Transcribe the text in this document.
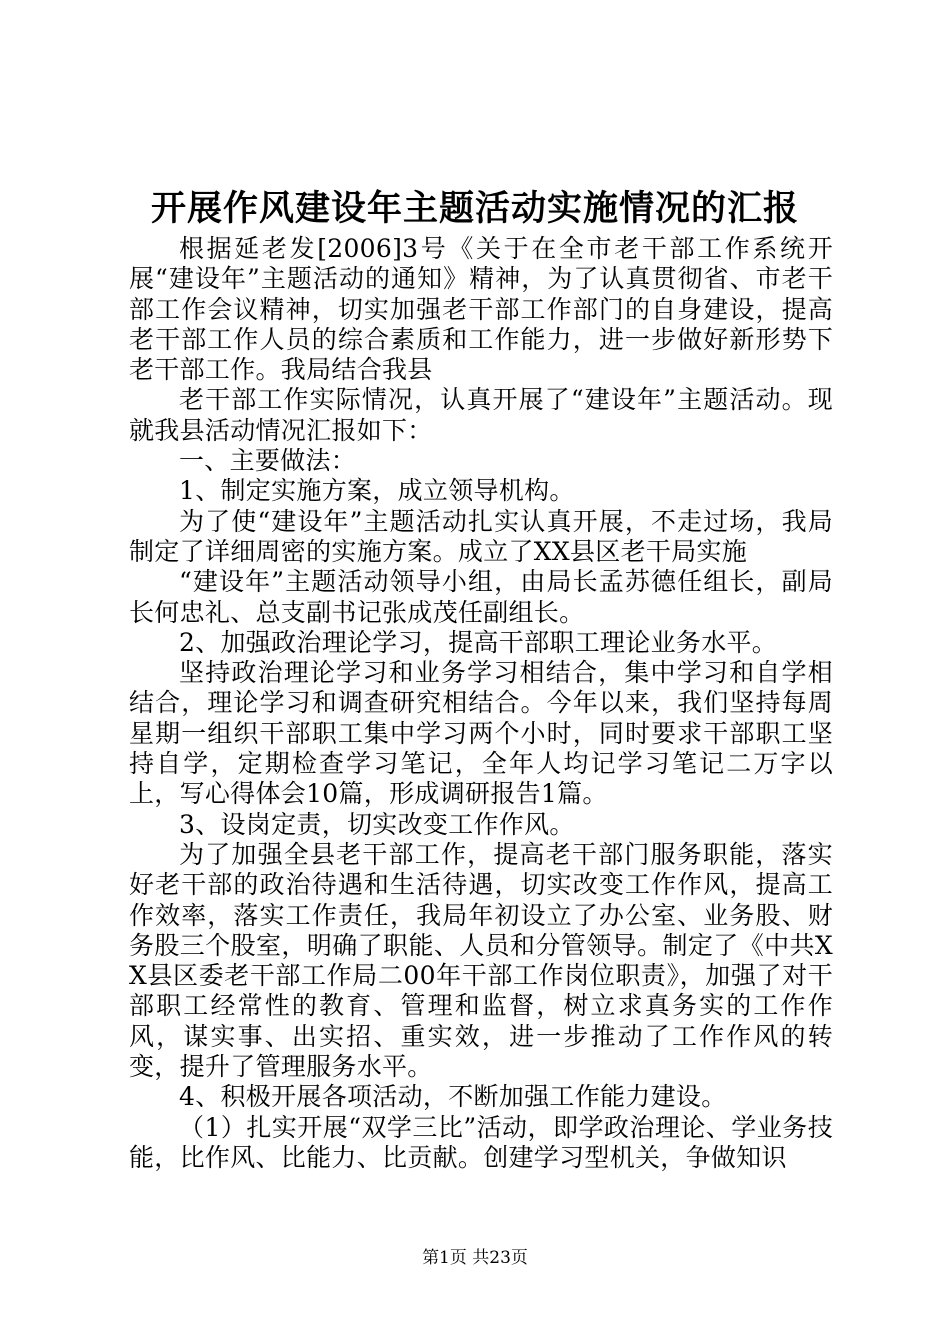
开展作风建设年主题活动实施情况的汇报

根据延老发[2006]3号《关于在全市老干部工作系统开展“建设年”主题活动的通知》精神，为了认真贯彻省、市老干部工作会议精神，切实加强老干部工作部门的自身建设，提高老干部工作人员的综合素质和工作能力，进一步做好新形势下老干部工作。我局结合我县

老干部工作实际情况，认真开展了“建设年”主题活动。现就我县活动情况汇报如下：

一、主要做法：

1、制定实施方案，成立领导机构。

为了使“建设年”主题活动扎实认真开展，不走过场，我局制定了详细周密的实施方案。成立了XX县区老干局实施

“建设年”主题活动领导小组，由局长孟苏德任组长，副局长何忠礼、总支副书记张成茂任副组长。

2、加强政治理论学习，提高干部职工理论业务水平。

坚持政治理论学习和业务学习相结合，集中学习和自学相结合，理论学习和调查研究相结合。今年以来，我们坚持每周星期一组织干部职工集中学习两个小时，同时要求干部职工坚持自学，定期检查学习笔记，全年人均记学习笔记二万字以上，写心得体会10篇，形成调研报告1篇。

3、设岗定责，切实改变工作作风。

为了加强全县老干部工作，提高老干部门服务职能，落实好老干部的政治待遇和生活待遇，切实改变工作作风，提高工作效率，落实工作责任，我局年初设立了办公室、业务股、财务股三个股室，明确了职能、人员和分管领导。制定了《中共XX县区委老干部工作局二00年干部工作岗位职责》，加强了对干部职工经常性的教育、管理和监督，树立求真务实的工作作风，谋实事、出实招、重实效，进一步推动了工作作风的转变，提升了管理服务水平。

4、积极开展各项活动，不断加强工作能力建设。

（1）扎实开展“双学三比”活动，即学政治理论、学业务技能，比作风、比能力、比贡献。创建学习型机关，争做知识

第1页 共23页
